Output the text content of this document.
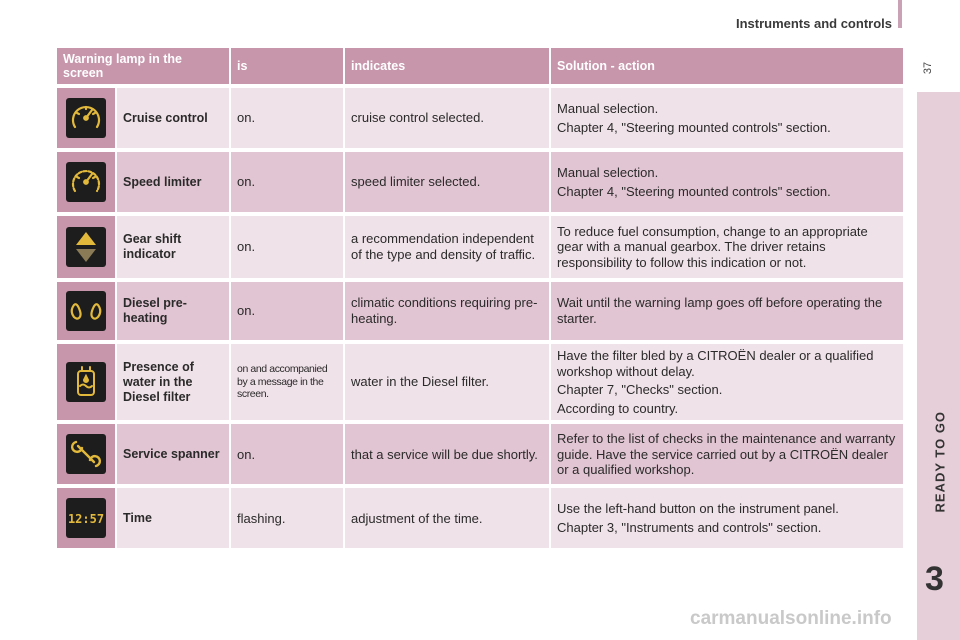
Instruments and controls
37
READY TO GO
3
Warning lamp in the screen		is	indicates	Solution - action

	Cruise control	on.	cruise control selected.	Manual selection.

Chapter 4, "Steering mounted controls" section.

	Speed limiter	on.	speed limiter selected.	Manual selection.

Chapter 4, "Steering mounted controls" section.

	Gear shift indicator	on.	a recommendation independent of the type and density of traffic.	To reduce fuel consumption, change to an appropriate gear with a manual gearbox. The driver retains responsibility to follow this indication or not.

	Diesel pre-heating	on.	climatic conditions requiring pre-heating.	Wait until the warning lamp goes off before operating the starter.

	Presence of water in the Diesel filter	on and accompanied by a message in the screen.	water in the Diesel filter.	Have the filter bled by a CITROËN dealer or a qualified workshop without delay.

Chapter 7, "Checks" section.

According to country.

	Service spanner	on.	that a service will be due shortly.	Refer to the list of checks in the maintenance and warranty guide. Have the service carried out by a CITROËN dealer or a qualified workshop.

12:57	Time	flashing.	adjustment of the time.	Use the left-hand button on the instrument panel.

Chapter 3, "Instruments and controls" section.

carmanualsonline.info
